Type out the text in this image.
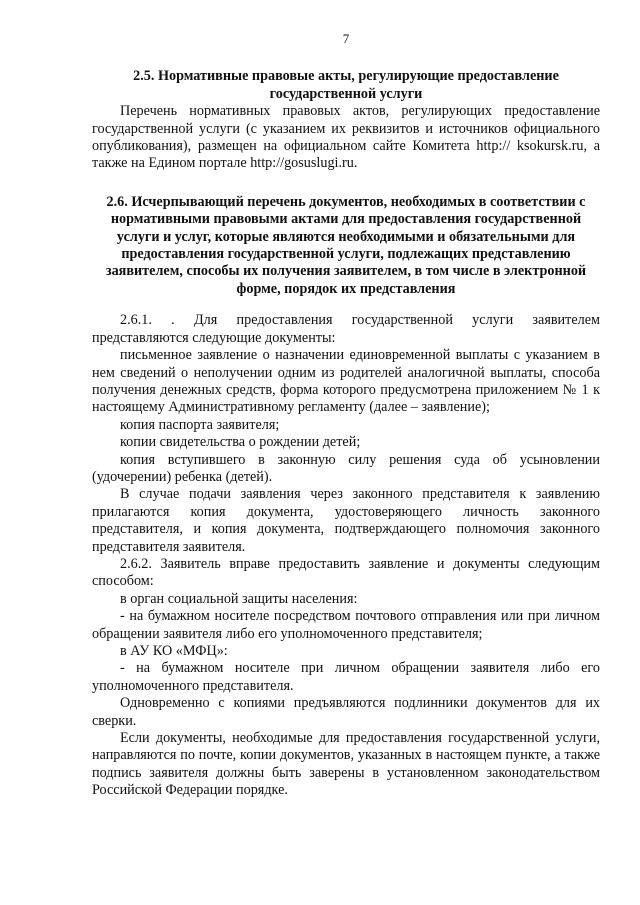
7
2.5. Нормативные правовые акты, регулирующие предоставление государственной услуги
Перечень нормативных правовых актов, регулирующих предоставление государственной услуги (с указанием их реквизитов и источников официального опубликования), размещен на официальном сайте Комитета http:// ksokursk.ru, а также на Едином портале http://gosuslugi.ru.
2.6. Исчерпывающий перечень документов, необходимых в соответствии с нормативными правовыми актами для предоставления государственной услуги и услуг, которые являются необходимыми и обязательными для предоставления государственной услуги, подлежащих представлению заявителем, способы их получения заявителем, в том числе в электронной форме, порядок их представления
2.6.1. . Для предоставления государственной услуги заявителем представляются следующие документы:
письменное заявление о назначении единовременной выплаты с указанием в нем сведений о неполучении одним из родителей аналогичной выплаты, способа получения денежных средств, форма которого предусмотрена приложением № 1 к настоящему Административному регламенту (далее – заявление);
копия паспорта заявителя;
копии свидетельства о рождении детей;
копия вступившего в законную силу решения суда об усыновлении (удочерении) ребенка (детей).
В случае подачи заявления через законного представителя к заявлению прилагаются копия документа, удостоверяющего личность законного представителя, и копия документа, подтверждающего полномочия законного представителя заявителя.
2.6.2. Заявитель вправе предоставить заявление и документы следующим способом:
в орган социальной защиты населения:
- на бумажном носителе посредством почтового отправления или при личном обращении заявителя либо его уполномоченного представителя;
в АУ КО «МФЦ»:
- на бумажном носителе при личном обращении заявителя либо его уполномоченного представителя.
Одновременно с копиями предъявляются подлинники документов для их сверки.
Если документы, необходимые для предоставления государственной услуги, направляются по почте, копии документов, указанных в настоящем пункте, а также подпись заявителя должны быть заверены в установленном законодательством Российской Федерации порядке.
